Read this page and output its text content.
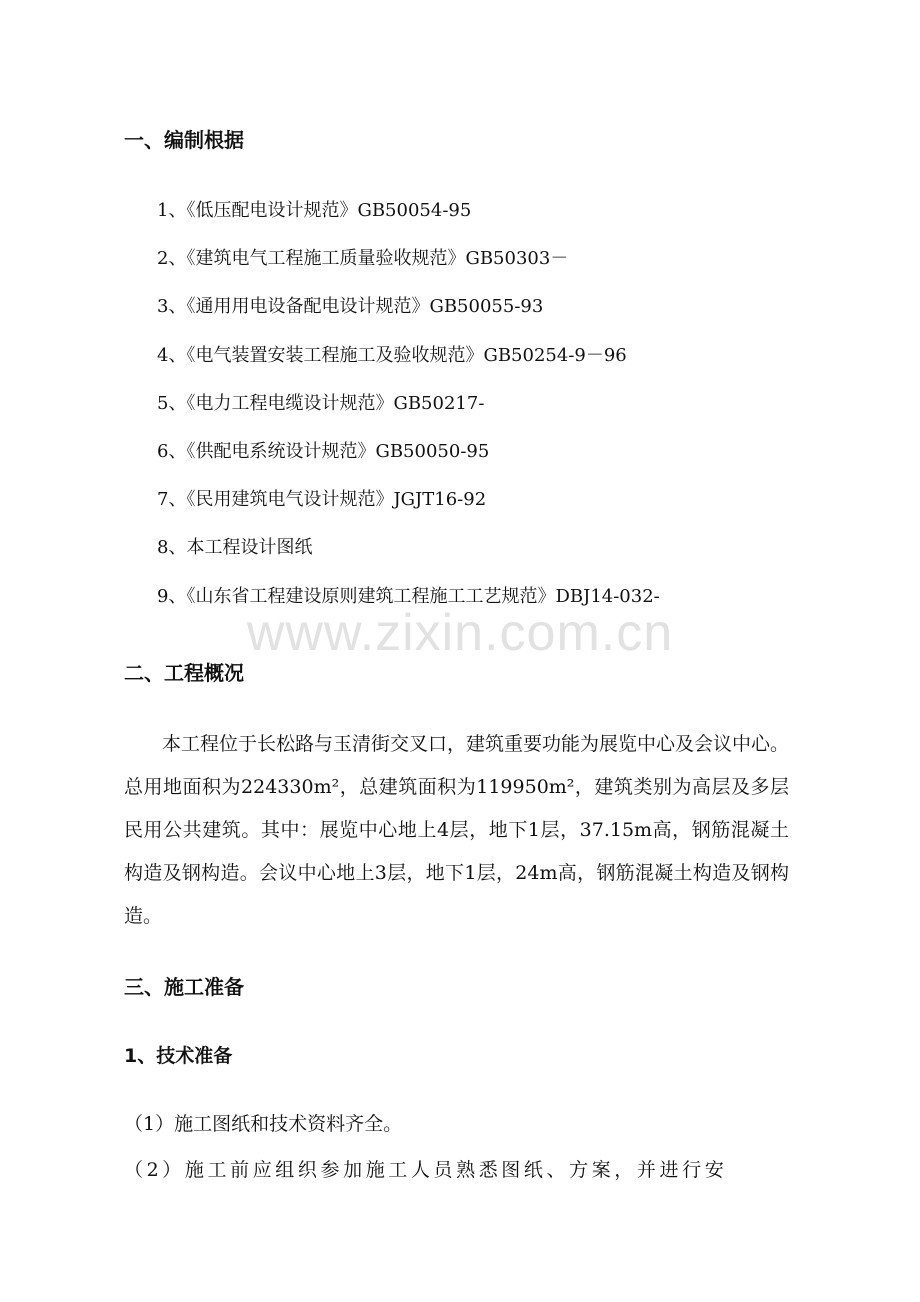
一、编制根据
1、《低压配电设计规范》GB50054-95
2、《建筑电气工程施工质量验收规范》GB50303－
3、《通用用电设备配电设计规范》GB50055-93
4、《电气装置安装工程施工及验收规范》GB50254-9－96
5、《电力工程电缆设计规范》GB50217-
6、《供配电系统设计规范》GB50050-95
7、《民用建筑电气设计规范》JGJT16-92
8、本工程设计图纸
9、《山东省工程建设原则建筑工程施工工艺规范》DBJ14-032-
www.zixin.com.cn
二、工程概况

本工程位于长松路与玉清街交叉口，建筑重要功能为展览中心及会议中心。总用地面积为224330m²，总建筑面积为119950m²，建筑类别为高层及多层民用公共建筑。其中：展览中心地上4层，地下1层，37.15m高，钢筋混凝土构造及钢构造。会议中心地上3层，地下1层，24m高，钢筋混凝土构造及钢构造。

三、施工准备
1、技术准备

（1）施工图纸和技术资料齐全。

（2）施工前应组织参加施工人员熟悉图纸、方案，并进行安
